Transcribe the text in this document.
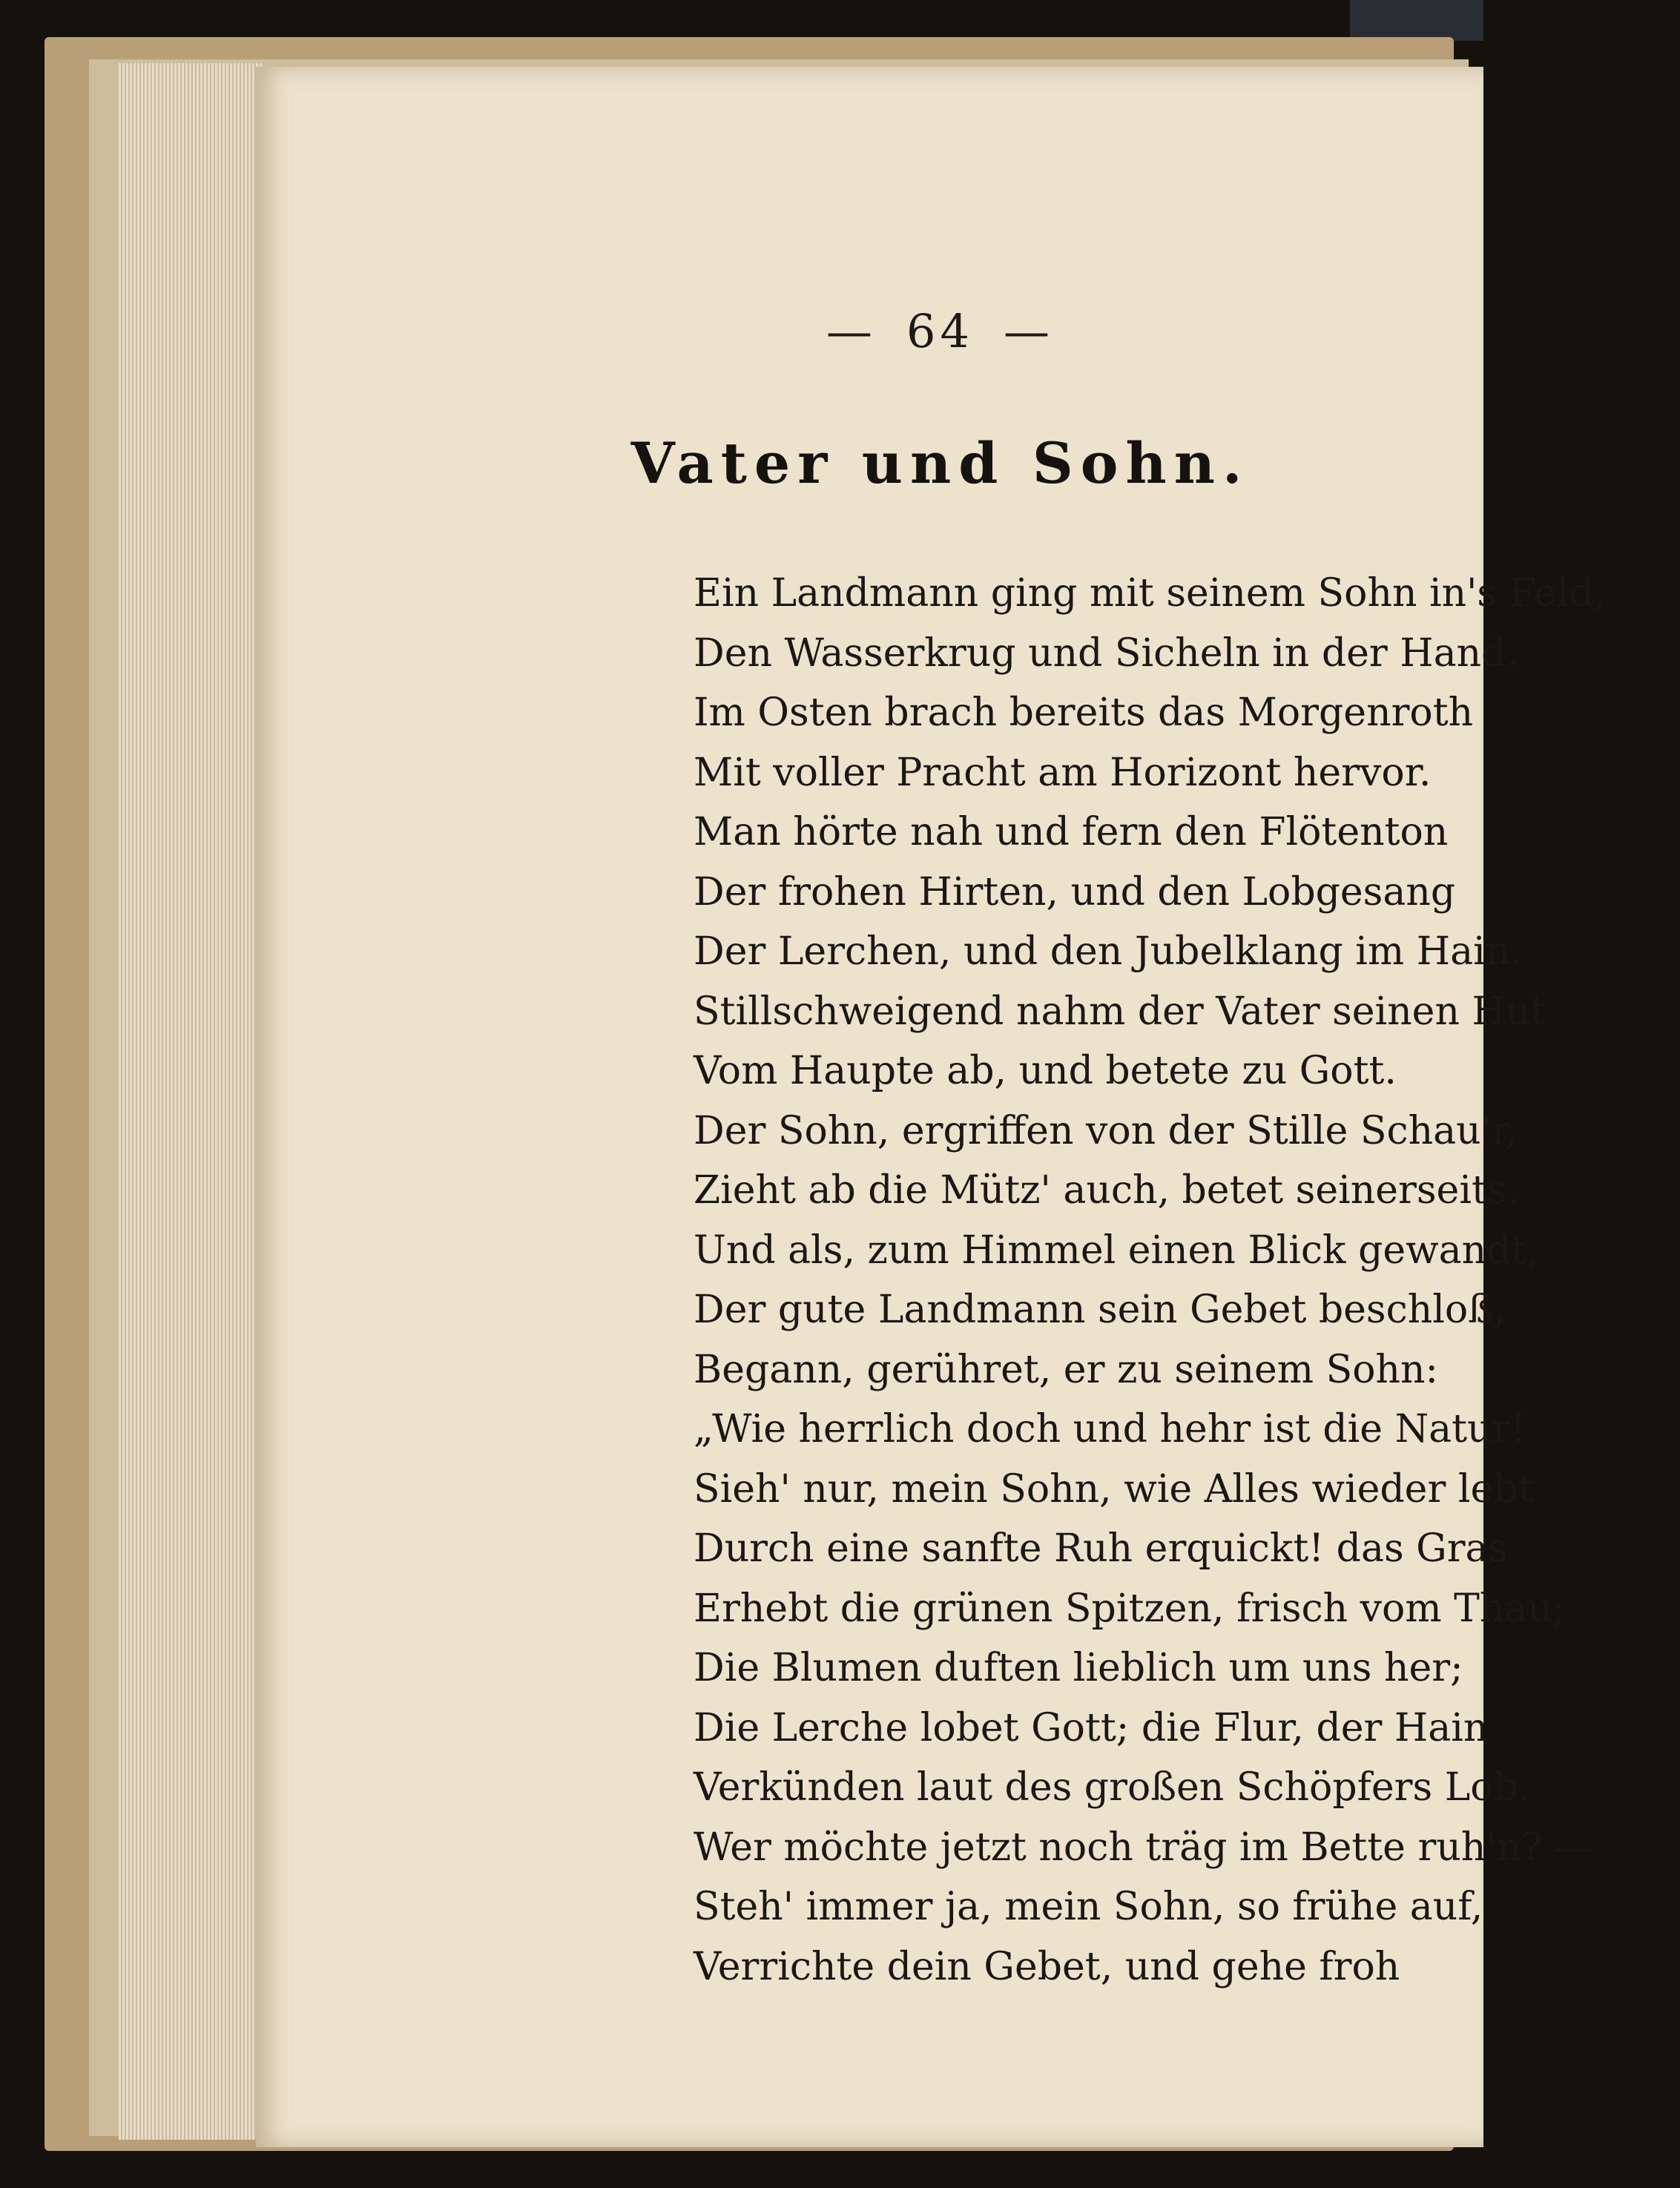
— 64 —
Vater und Sohn.
Ein Landmann ging mit seinem Sohn in's Feld,
Den Wasserkrug und Sicheln in der Hand.
Im Osten brach bereits das Morgenroth
Mit voller Pracht am Horizont hervor.
Man hörte nah und fern den Flötenton
Der frohen Hirten, und den Lobgesang
Der Lerchen, und den Jubelklang im Hain.
Stillschweigend nahm der Vater seinen Hut
Vom Haupte ab, und betete zu Gott.
Der Sohn, ergriffen von der Stille Schau'r,
Zieht ab die Mütz' auch, betet seinerseits.
Und als, zum Himmel einen Blick gewandt,
Der gute Landmann sein Gebet beschloß,
Begann, gerühret, er zu seinem Sohn:
„Wie herrlich doch und hehr ist die Natur!
Sieh' nur, mein Sohn, wie Alles wieder lebt
Durch eine sanfte Ruh erquickt! das Gras
Erhebt die grünen Spitzen, frisch vom Thau;
Die Blumen duften lieblich um uns her;
Die Lerche lobet Gott; die Flur, der Hain
Verkünden laut des großen Schöpfers Lob.
Wer möchte jetzt noch träg im Bette ruh'n? —
Steh' immer ja, mein Sohn, so frühe auf,
Verrichte dein Gebet, und gehe froh
